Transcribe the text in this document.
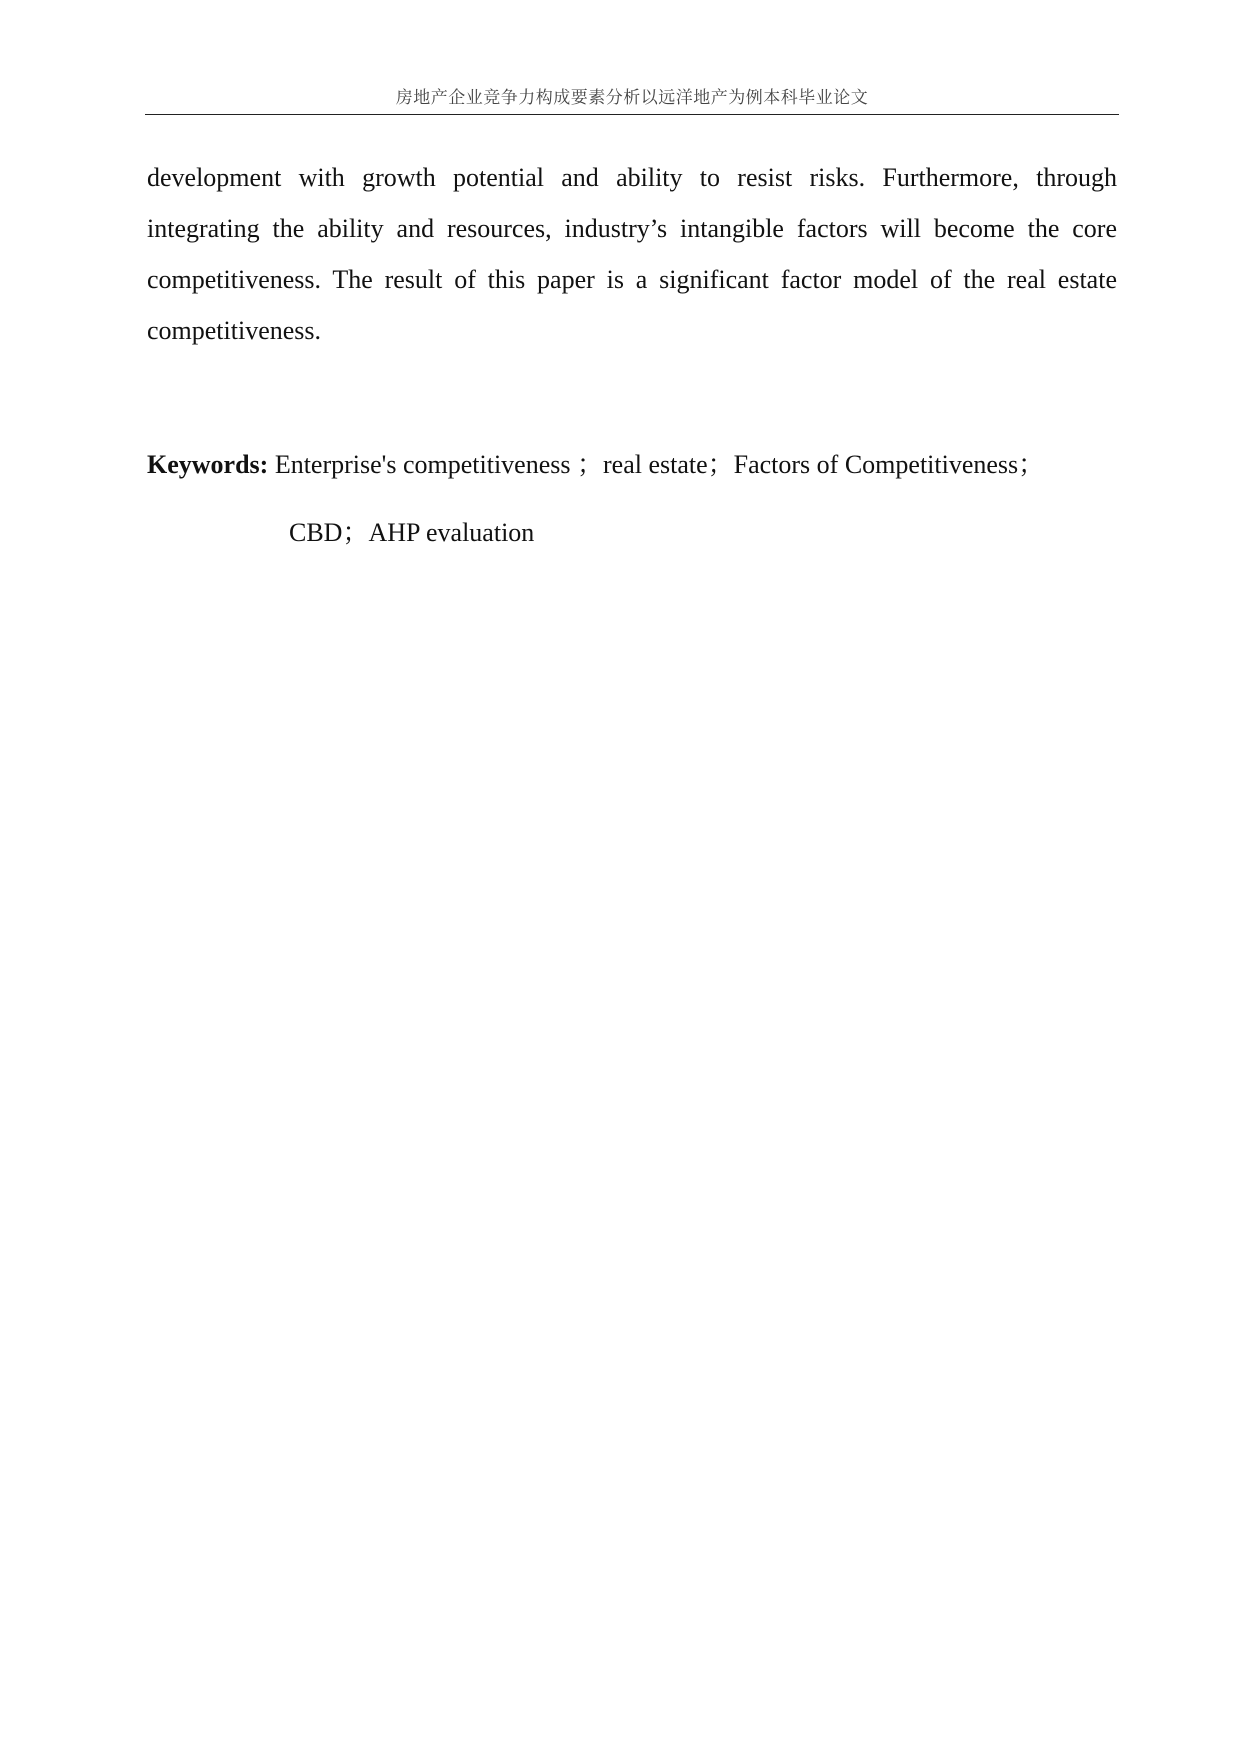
房地产企业竞争力构成要素分析以远洋地产为例本科毕业论文

development with growth potential and ability to resist risks. Furthermore, through integrating the ability and resources, industry’s intangible factors will become the core competitiveness. The result of this paper is a significant factor model of the real estate competitiveness.

Keywords: Enterprise's competitiveness ；real estate；Factors of Competitiveness；
CBD；AHP evaluation
